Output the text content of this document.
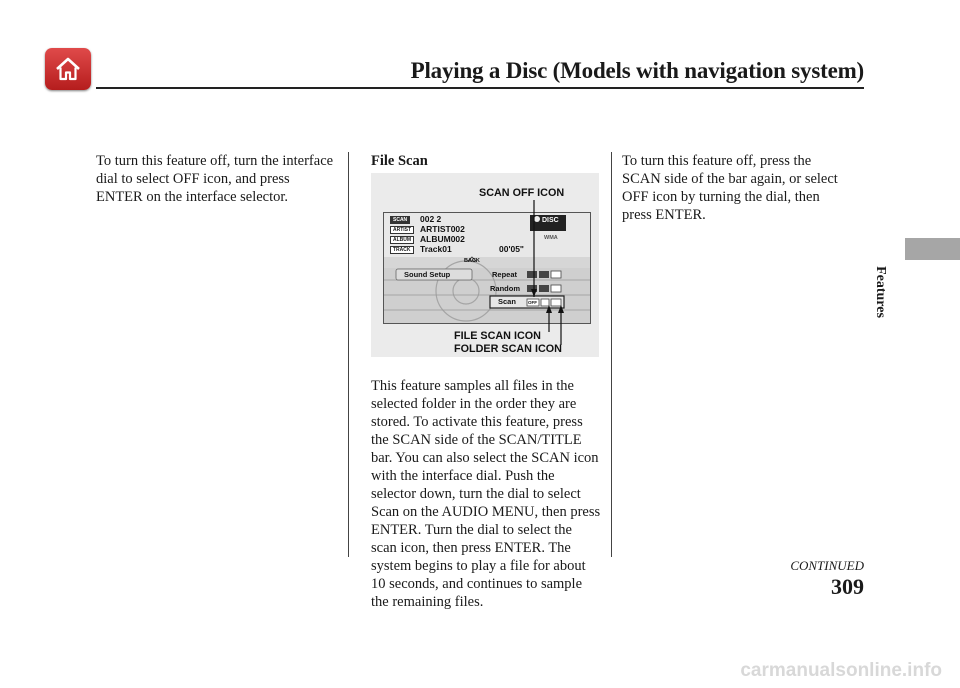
Playing a Disc (Models with navigation system)
Features

To turn this feature off, turn the interface dial to select OFF icon, and press ENTER on the interface selector.

File Scan

This feature samples all files in the selected folder in the order they are stored. To activate this feature, press the SCAN side of the SCAN/TITLE bar. You can also select the SCAN icon with the interface dial. Push the selector down, turn the dial to select Scan on the AUDIO MENU, then press ENTER. Turn the dial to select the scan icon, then press ENTER. The system begins to play a file for about 10 seconds, and continues to sample the remaining files.

SCAN OFF ICON
SCAN
ARTIST
ALBUM
TRACK
002 2
ARTIST002
ALBUM002
Track01	00'05"
DISC
WMA
BACK
Sound Setup	Repeat
Random
Scan	OFF
FILE SCAN ICON
FOLDER SCAN ICON

To turn this feature off, press the SCAN side of the bar again, or select OFF icon by turning the dial, then press ENTER.

CONTINUED
309
carmanualsonline.info
